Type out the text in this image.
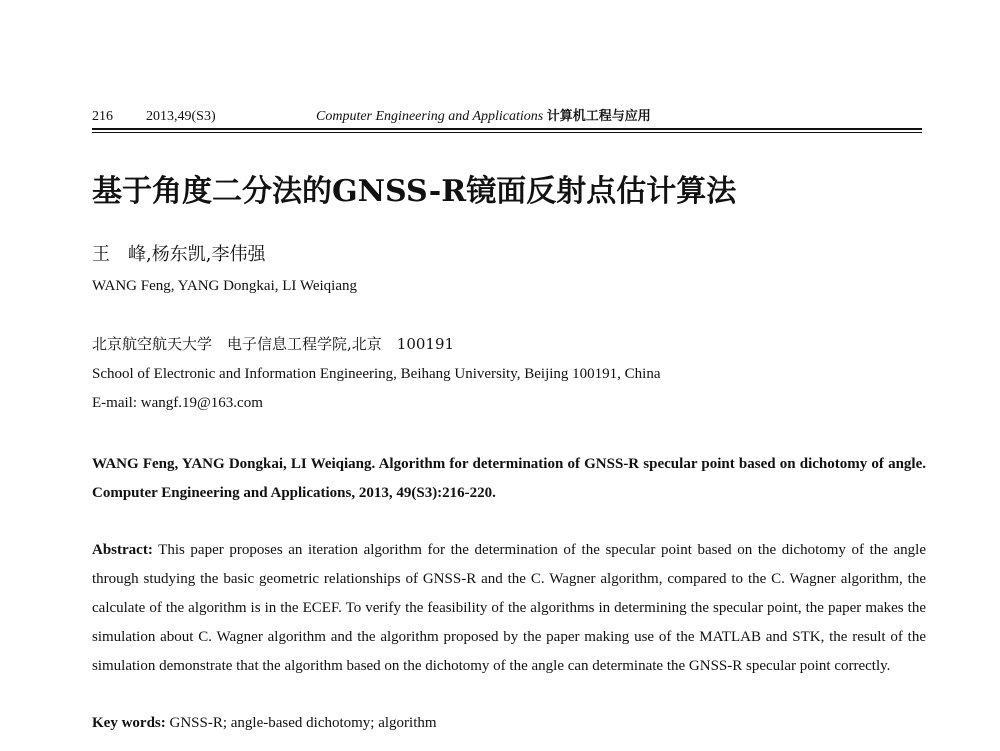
216 2013,49(S3)	Computer Engineering and Applications 计算机工程与应用
基于角度二分法的GNSS-R镜面反射点估计算法
王　峰,杨东凯,李伟强
WANG Feng, YANG Dongkai, LI Weiqiang
北京航空航天大学　电子信息工程学院,北京　100191
School of Electronic and Information Engineering, Beihang University, Beijing 100191, China
E-mail: wangf.19@163.com
WANG Feng, YANG Dongkai, LI Weiqiang. Algorithm for determination of GNSS-R specular point based on dichotomy of angle. Computer Engineering and Applications, 2013, 49(S3):216-220.
Abstract: This paper proposes an iteration algorithm for the determination of the specular point based on the dichotomy of the angle through studying the basic geometric relationships of GNSS-R and the C. Wagner algorithm, compared to the C. Wagner algorithm, the calculate of the algorithm is in the ECEF. To verify the feasibility of the algorithms in determining the specular point, the paper makes the simulation about C. Wagner algorithm and the algorithm proposed by the paper making use of the MATLAB and STK, the result of the simulation demonstrate that the algorithm based on the dichotomy of the angle can determinate the GNSS-R specular point correctly.
Key words: GNSS-R; angle-based dichotomy; algorithm
